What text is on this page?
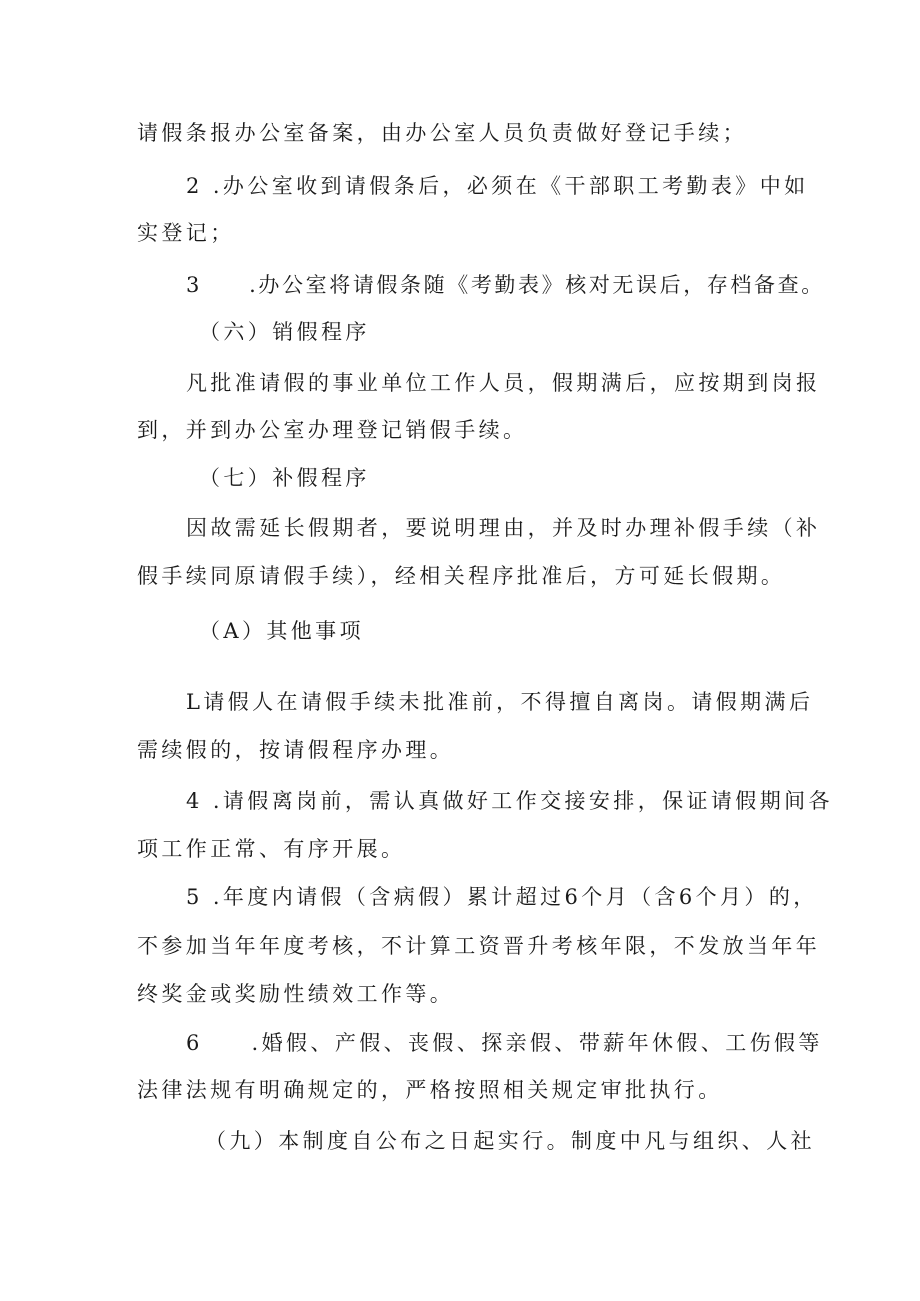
请假条报办公室备案，由办公室人员负责做好登记手续；

2 .办公室收到请假条后，必须在《干部职工考勤表》中如

实登记；

3　　.办公室将请假条随《考勤表》核对无误后，存档备查。

（六）销假程序

凡批准请假的事业单位工作人员，假期满后，应按期到岗报

到，并到办公室办理登记销假手续。

（七）补假程序

因故需延长假期者，要说明理由，并及时办理补假手续（补

假手续同原请假手续），经相关程序批准后，方可延长假期。

（A）其他事项

L请假人在请假手续未批准前，不得擅自离岗。请假期满后

需续假的，按请假程序办理。

4 .请假离岗前，需认真做好工作交接安排，保证请假期间各

项工作正常、有序开展。

5 .年度内请假（含病假）累计超过6个月（含6个月）的，

不参加当年年度考核，不计算工资晋升考核年限，不发放当年年

终奖金或奖励性绩效工作等。

6　　.婚假、产假、丧假、探亲假、带薪年休假、工伤假等

法律法规有明确规定的，严格按照相关规定审批执行。

（九）本制度自公布之日起实行。制度中凡与组织、人社
